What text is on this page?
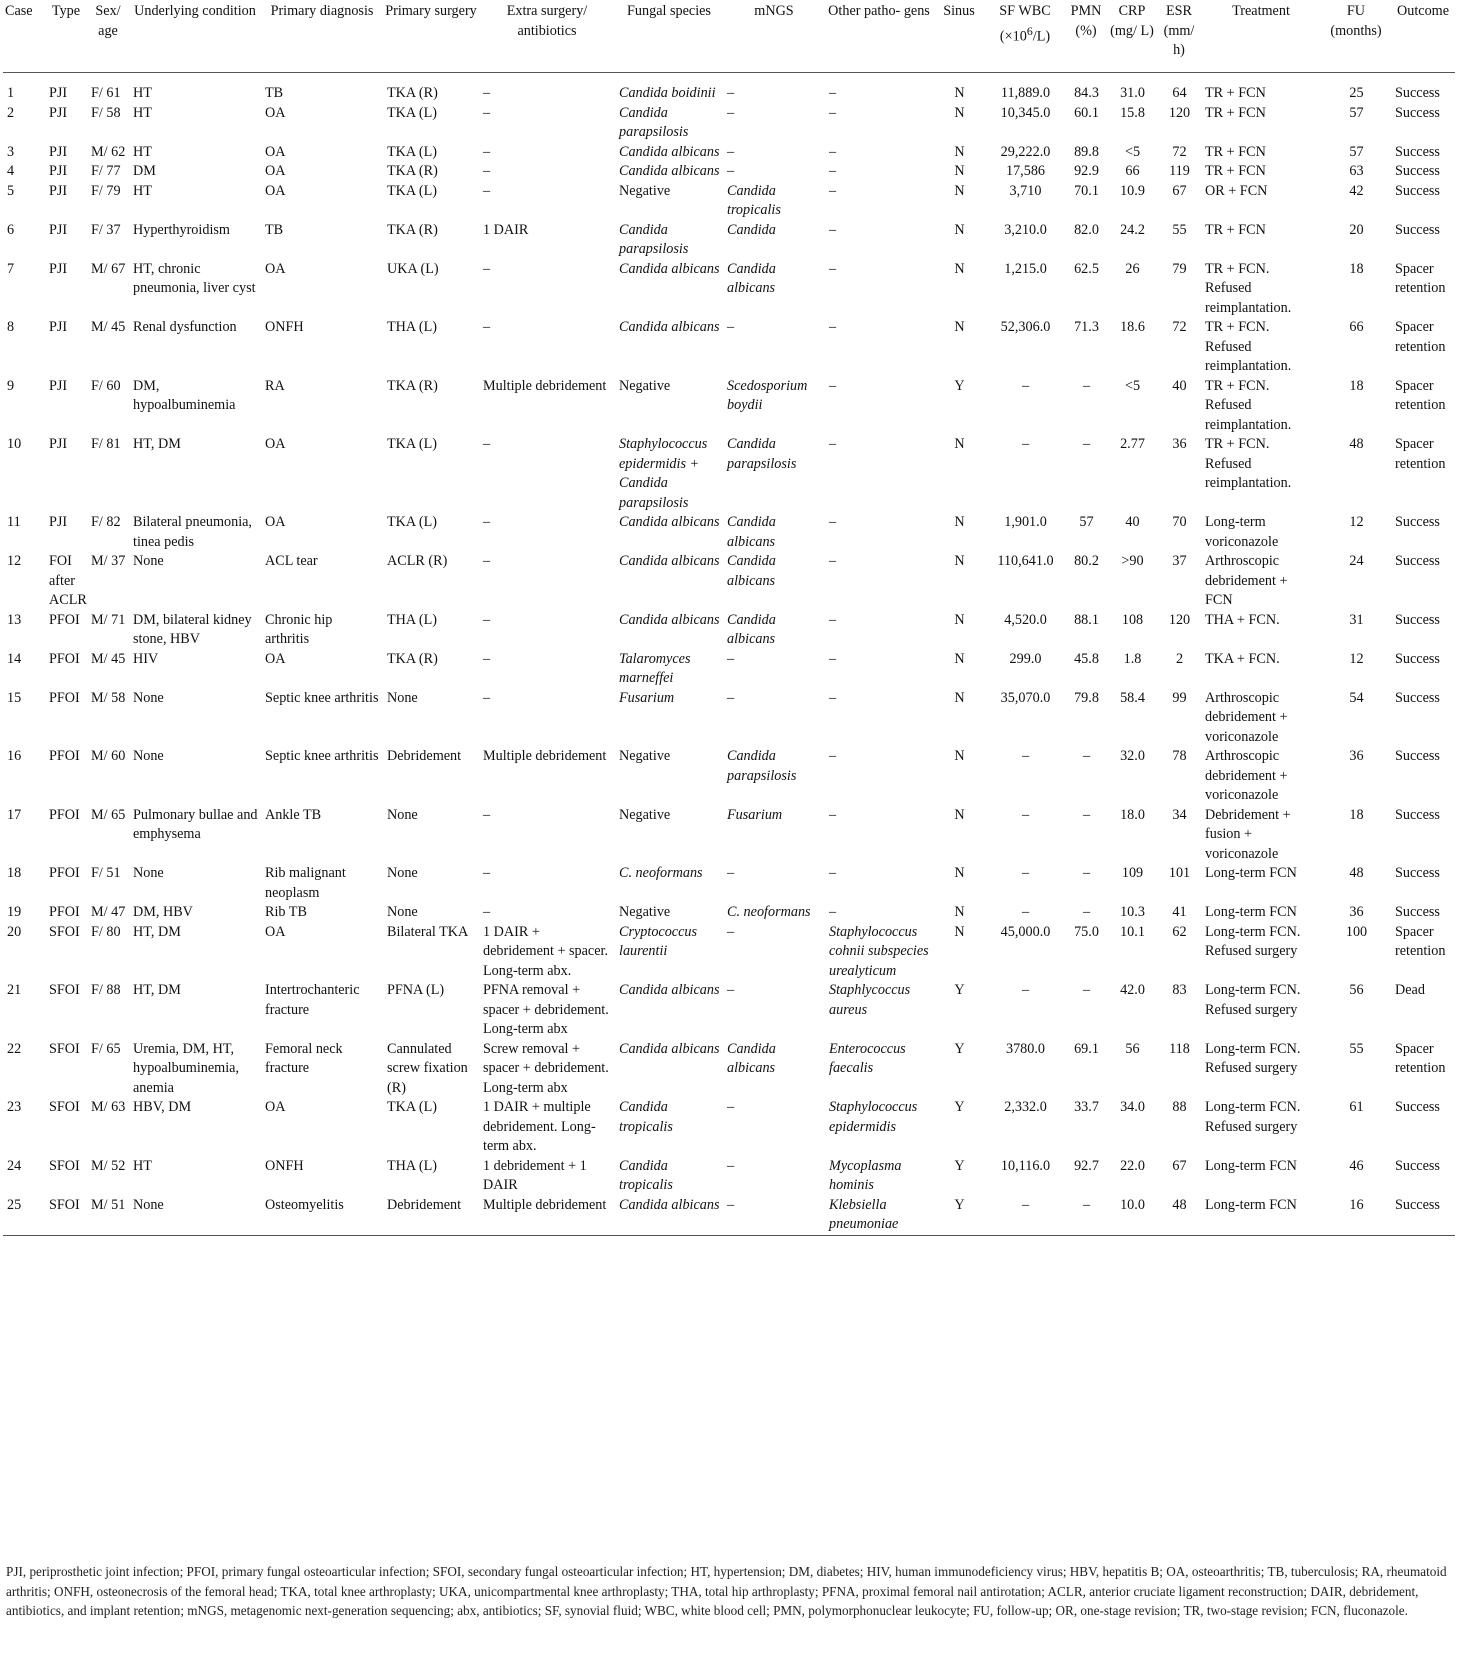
Case	Type	Sex/ age	Underlying condition	Primary diagnosis	Primary surgery	Extra surgery/ antibiotics	Fungal species	mNGS	Other patho- gens	Sinus	SF WBC
$(\times 10^6/L)$	PMN (%)	CRP (mg/ L)	ESR (mm/ h)	Treatment	FU (months)	Outcome
1	PJI	F/ 61	HT	TB	TKA (R)	–	Candida boidinii	–	–	N	11,889.0	84.3	31.0	64	TR + FCN	25	Success
2	PJI	F/ 58	HT	OA	TKA (L)	–	Candida parapsilosis	–	–	N	10,345.0	60.1	15.8	120	TR + FCN	57	Success
3	PJI	M/ 62	HT	OA	TKA (L)	–	Candida albicans	–	–	N	29,222.0	89.8	<5	72	TR + FCN	57	Success
4	PJI	F/ 77	DM	OA	TKA (R)	–	Candida albicans	–	–	N	17,586	92.9	66	119	TR + FCN	63	Success
5	PJI	F/ 79	HT	OA	TKA (L)	–	Negative	Candida tropicalis	–	N	3,710	70.1	10.9	67	OR + FCN	42	Success
6	PJI	F/ 37	Hyperthyroidism	TB	TKA (R)	1 DAIR	Candida parapsilosis	Candida	–	N	3,210.0	82.0	24.2	55	TR + FCN	20	Success
7	PJI	M/ 67	HT, chronic pneumonia, liver cyst	OA	UKA (L)	–	Candida albicans	Candida albicans	–	N	1,215.0	62.5	26	79	TR + FCN. Refused reimplantation.	18	Spacer retention
8	PJI	M/ 45	Renal dysfunction	ONFH	THA (L)	–	Candida albicans	–	–	N	52,306.0	71.3	18.6	72	TR + FCN. Refused reimplantation.	66	Spacer retention
9	PJI	F/ 60	DM, hypoalbuminemia	RA	TKA (R)	Multiple debridement	Negative	Scedosporium boydii	–	Y	–	–	<5	40	TR + FCN. Refused reimplantation.	18	Spacer retention
10	PJI	F/ 81	HT, DM	OA	TKA (L)	–	Staphylococcus epidermidis + Candida parapsilosis	Candida parapsilosis	–	N	–	–	2.77	36	TR + FCN. Refused reimplantation.	48	Spacer retention
11	PJI	F/ 82	Bilateral pneumonia, tinea pedis	OA	TKA (L)	–	Candida albicans	Candida albicans	–	N	1,901.0	57	40	70	Long-term voriconazole	12	Success
12	FOI after ACLR	M/ 37	None	ACL tear	ACLR (R)	–	Candida albicans	Candida albicans	–	N	110,641.0	80.2	>90	37	Arthroscopic debridement + FCN	24	Success
13	PFOI	M/ 71	DM, bilateral kidney stone, HBV	Chronic hip arthritis	THA (L)	–	Candida albicans	Candida albicans	–	N	4,520.0	88.1	108	120	THA + FCN.	31	Success
14	PFOI	M/ 45	HIV	OA	TKA (R)	–	Talaromyces marneffei	–	–	N	299.0	45.8	1.8	2	TKA + FCN.	12	Success
15	PFOI	M/ 58	None	Septic knee arthritis	None	–	Fusarium	–	–	N	35,070.0	79.8	58.4	99	Arthroscopic debridement + voriconazole	54	Success
16	PFOI	M/ 60	None	Septic knee arthritis	Debridement	Multiple debridement	Negative	Candida parapsilosis	–	N	–	–	32.0	78	Arthroscopic debridement + voriconazole	36	Success
17	PFOI	M/ 65	Pulmonary bullae and emphysema	Ankle TB	None	–	Negative	Fusarium	–	N	–	–	18.0	34	Debridement + fusion + voriconazole	18	Success
18	PFOI	F/ 51	None	Rib malignant neoplasm	None	–	C. neoformans	–	–	N	–	–	109	101	Long-term FCN	48	Success
19	PFOI	M/ 47	DM, HBV	Rib TB	None	–	Negative	C. neoformans	–	N	–	–	10.3	41	Long-term FCN	36	Success
20	SFOI	F/ 80	HT, DM	OA	Bilateral TKA	1 DAIR + debridement + spacer. Long-term abx.	Cryptococcus laurentii	–	Staphylococcus cohnii subspecies urealyticum	N	45,000.0	75.0	10.1	62	Long-term FCN. Refused surgery	100	Spacer retention
21	SFOI	F/ 88	HT, DM	Intertrochanteric fracture	PFNA (L)	PFNA removal + spacer + debridement. Long-term abx	Candida albicans	–	Staphlycoccus aureus	Y	–	–	42.0	83	Long-term FCN. Refused surgery	56	Dead
22	SFOI	F/ 65	Uremia, DM, HT, hypoalbuminemia, anemia	Femoral neck fracture	Cannulated screw fixation (R)	Screw removal + spacer + debridement. Long-term abx	Candida albicans	Candida albicans	Enterococcus faecalis	Y	3780.0	69.1	56	118	Long-term FCN. Refused surgery	55	Spacer retention
23	SFOI	M/ 63	HBV, DM	OA	TKA (L)	1 DAIR + multiple debridement. Long-term abx.	Candida tropicalis	–	Staphylococcus epidermidis	Y	2,332.0	33.7	34.0	88	Long-term FCN. Refused surgery	61	Success
24	SFOI	M/ 52	HT	ONFH	THA (L)	1 debridement + 1 DAIR	Candida tropicalis	–	Mycoplasma hominis	Y	10,116.0	92.7	22.0	67	Long-term FCN	46	Success
25	SFOI	M/ 51	None	Osteomyelitis	Debridement	Multiple debridement	Candida albicans	–	Klebsiella pneumoniae	Y	–	–	10.0	48	Long-term FCN	16	Success
PJI, periprosthetic joint infection; PFOI, primary fungal osteoarticular infection; SFOI, secondary fungal osteoarticular infection; HT, hypertension; DM, diabetes; HIV, human immunodeficiency virus; HBV, hepatitis B; OA, osteoarthritis; TB, tuberculosis; RA, rheumatoid arthritis; ONFH, osteonecrosis of the femoral head; TKA, total knee arthroplasty; UKA, unicompartmental knee arthroplasty; THA, total hip arthroplasty; PFNA, proximal femoral nail antirotation; ACLR, anterior cruciate ligament reconstruction; DAIR, debridement, antibiotics, and implant retention; mNGS, metagenomic next-generation sequencing; abx, antibiotics; SF, synovial fluid; WBC, white blood cell; PMN, polymorphonuclear leukocyte; FU, follow-up; OR, one-stage revision; TR, two-stage revision; FCN, fluconazole.
